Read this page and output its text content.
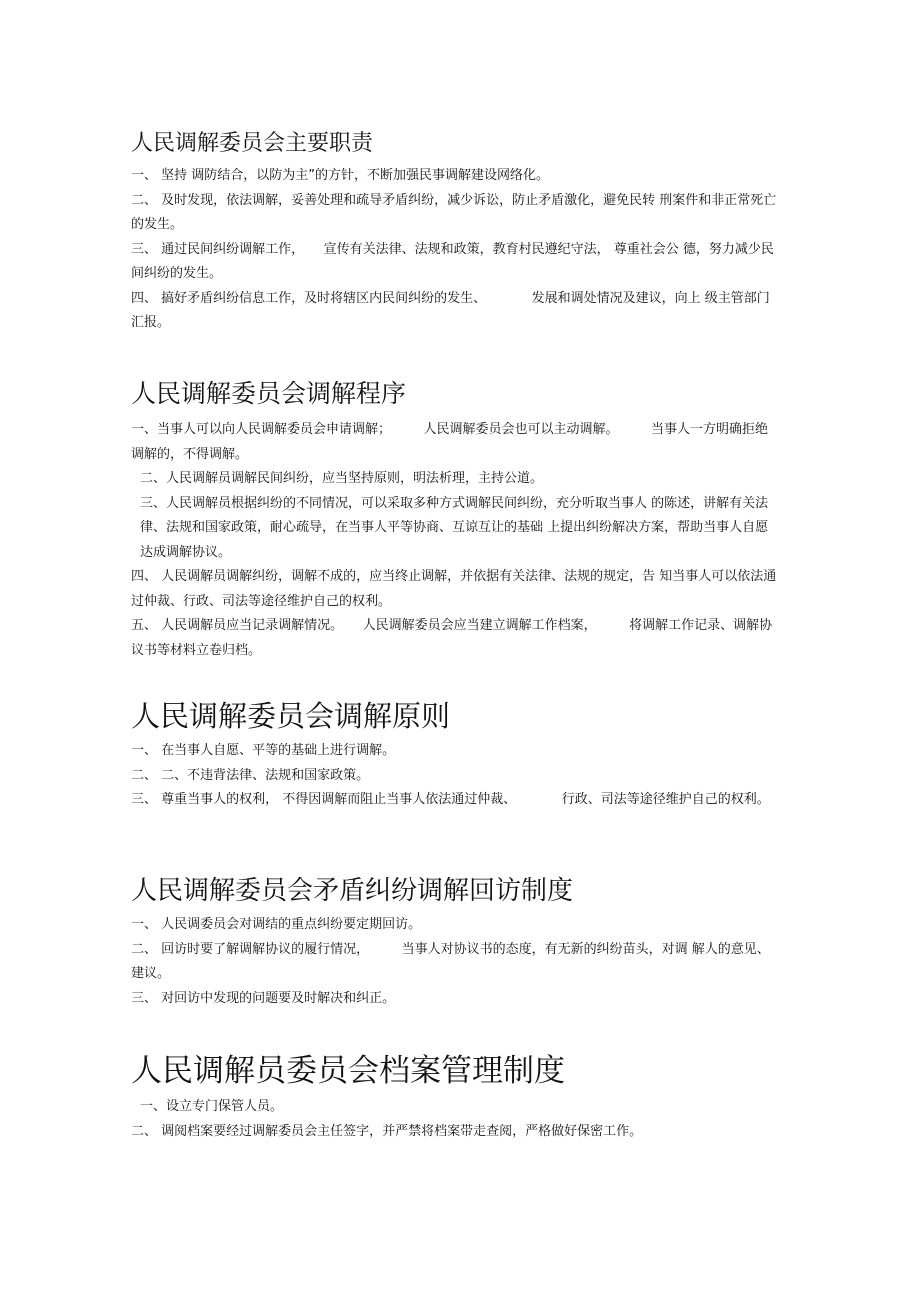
人民调解委员会主要职责

一、 坚持 调防结合，以防为主”的方针，不断加强民事调解建设网络化。

二、 及时发现，依法调解，妥善处理和疏导矛盾纠纷，减少诉讼，防止矛盾激化，避免民转 刑案件和非正常死亡的发生。

三、 通过民间纠纷调解工作，　　宣传有关法律、法规和政策，教育村民遵纪守法， 尊重社会公 德，努力减少民间纠纷的发生。

四、 搞好矛盾纠纷信息工作，及时将辖区内民间纠纷的发生、　　　　发展和调处情况及建议，向上 级主管部门汇报。

人民调解委员会调解程序

一、当事人可以向人民调解委员会申请调解；　　　人民调解委员会也可以主动调解。　　　当事人一方明确拒绝调解的，不得调解。

二、人民调解员调解民间纠纷，应当坚持原则，明法析理，主持公道。

三、人民调解员根据纠纷的不同情况，可以采取多种方式调解民间纠纷，充分听取当事人 的陈述，讲解有关法律、法规和国家政策，耐心疏导，在当事人平等协商、互谅互让的基础 上提出纠纷解决方案，帮助当事人自愿达成调解协议。

四、 人民调解员调解纠纷，调解不成的，应当终止调解，并依据有关法律、法规的规定，告 知当事人可以依法通过仲裁、行政、司法等途径维护自己的权利。

五、 人民调解员应当记录调解情况。　　人民调解委员会应当建立调解工作档案，　　　将调解工作记录、调解协议书等材料立卷归档。

人民调解委员会调解原则

一、 在当事人自愿、平等的基础上进行调解。

二、 二、不违背法律、法规和国家政策。

三、 尊重当事人的权利， 不得因调解而阻止当事人依法通过仲裁、　　　　行政、司法等途径维护自己的权利。

人民调解委员会矛盾纠纷调解回访制度

一、 人民调委员会对调结的重点纠纷要定期回访。

二、 回访时要了解调解协议的履行情况，　　　当事人对协议书的态度，有无新的纠纷苗头，对调 解人的意见、建议。

三、 对回访中发现的问题要及时解决和纠正。

人民调解员委员会档案管理制度

一、设立专门保管人员。

二、 调阅档案要经过调解委员会主任签字，并严禁将档案带走查阅，严格做好保密工作。
